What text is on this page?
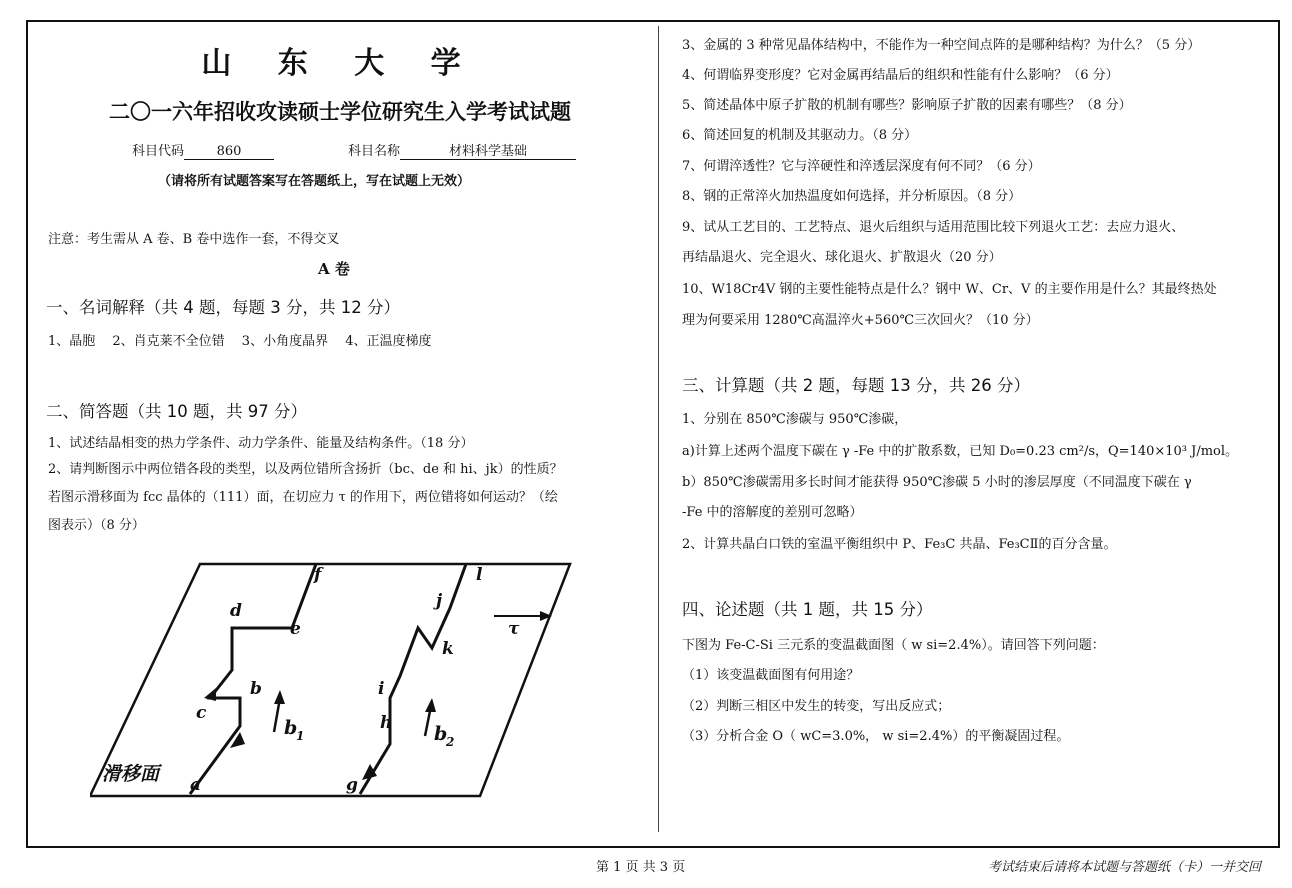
山 东 大 学
二〇一六年招收攻读硕士学位研究生入学考试试题
科目代码	860	科目名称	材料科学基础
（请将所有试题答案写在答题纸上，写在试题上无效）
注意：考生需从 A 卷、B 卷中选作一套，不得交叉
A 卷
一、名词解释（共 4 题，每题 3 分，共 12 分）
1、晶胞　 2、肖克莱不全位错　 3、小角度晶界　 4、正温度梯度
二、简答题（共 10 题，共 97 分）
1、试述结晶相变的热力学条件、动力学条件、能量及结构条件。（18 分）
2、请判断图示中两位错各段的类型，以及两位错所含扬折（bc、de 和 hi、jk）的性质？
若图示滑移面为 fcc 晶体的（111）面，在切应力 τ 的作用下，两位错将如何运动？（绘
图表示）（8 分）
a
b
c
d
e
f
g
h
i
j
k
l
τ
b
1	b
2
滑移面
3、金属的 3 种常见晶体结构中，不能作为一种空间点阵的是哪种结构？为什么？（5 分）
4、何谓临界变形度？它对金属再结晶后的组织和性能有什么影响？（6 分）
5、简述晶体中原子扩散的机制有哪些？影响原子扩散的因素有哪些？（8 分）
6、简述回复的机制及其驱动力。（8 分）
7、何谓淬透性？它与淬硬性和淬透层深度有何不同？（6 分）
8、钢的正常淬火加热温度如何选择，并分析原因。（8 分）
9、试从工艺目的、工艺特点、退火后组织与适用范围比较下列退火工艺：去应力退火、
再结晶退火、完全退火、球化退火、扩散退火（20 分）
10、W18Cr4V 钢的主要性能特点是什么？钢中 W、Cr、V 的主要作用是什么？其最终热处
理为何要采用 1280℃高温淬火+560℃三次回火？（10 分）
三、计算题（共 2 题，每题 13 分，共 26 分）
1、分别在 850℃渗碳与 950℃渗碳，
a)计算上述两个温度下碳在 γ -Fe 中的扩散系数，已知 D₀=0.23 cm²/s，Q=140×10³ J/mol。
b）850℃渗碳需用多长时间才能获得 950℃渗碳 5 小时的渗层厚度（不同温度下碳在 γ
-Fe 中的溶解度的差别可忽略）
2、计算共晶白口铁的室温平衡组织中 P、Fe₃C 共晶、Fe₃CⅡ的百分含量。
四、论述题（共 1 题，共 15 分）
下图为 Fe-C-Si 三元系的变温截面图（ w si=2.4%）。请回答下列问题：
（1）该变温截面图有何用途？
（2）判断三相区中发生的转变，写出反应式；
（3）分析合金 O（ wC=3.0%， w si=2.4%）的平衡凝固过程。
第 1 页 共 3 页	考试结束后请将本试题与答题纸（卡）一并交回
